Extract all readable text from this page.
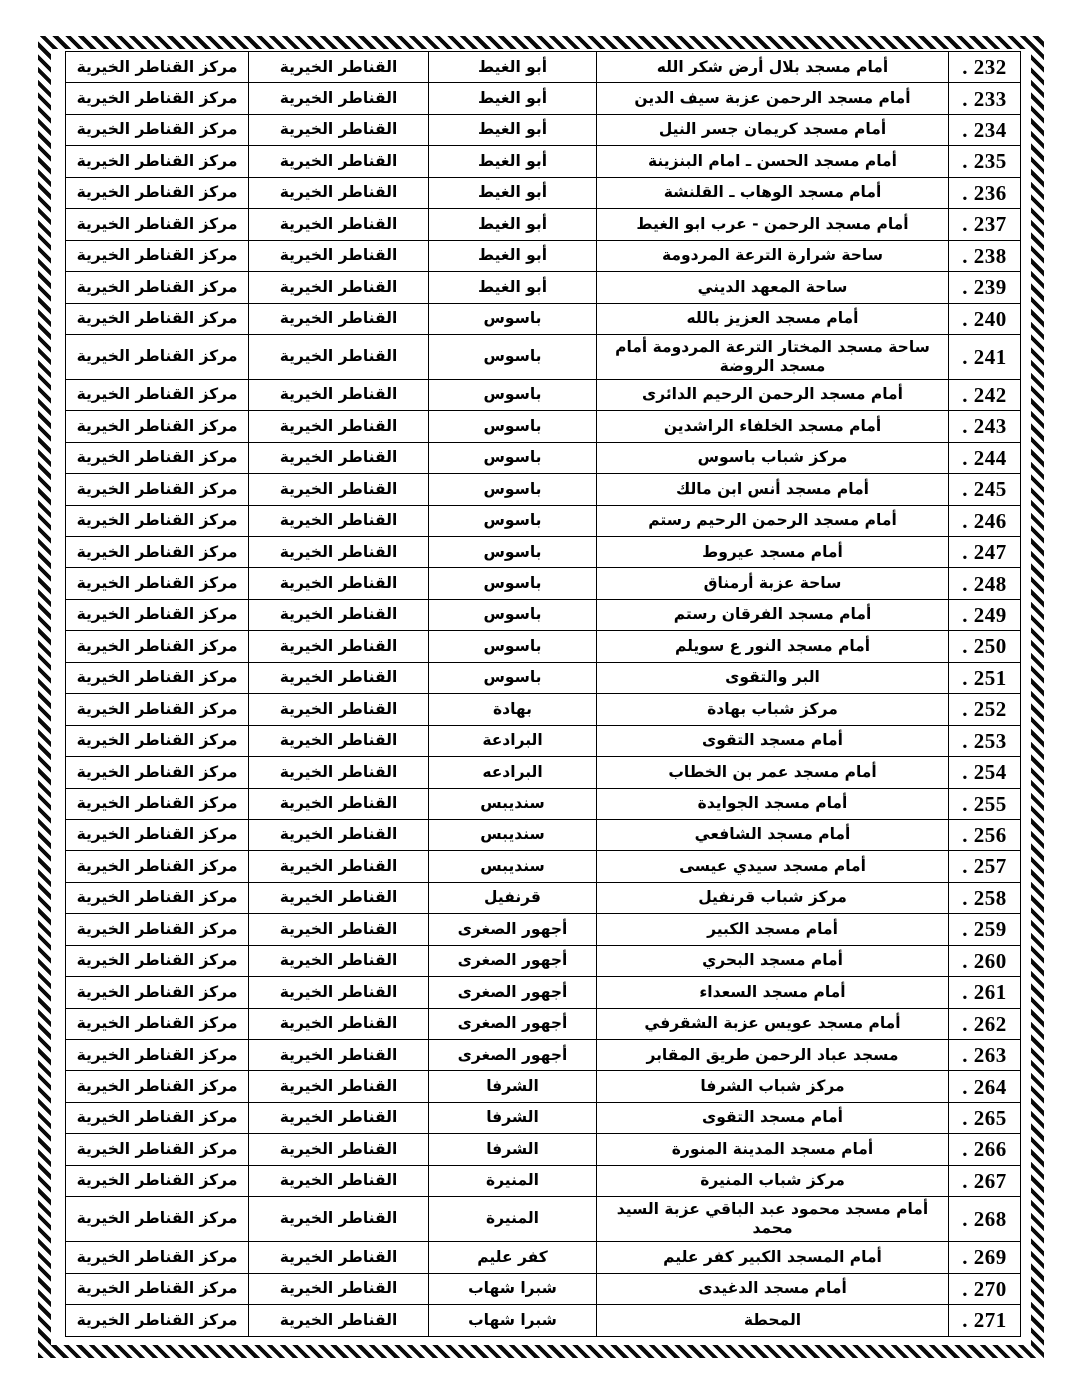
232 .	أمام مسجد بلال أرض شكر الله	أبو الغيط	القناطر الخيرية	مركز القناطر الخيرية
233 .	أمام مسجد الرحمن عزبة سيف الدين	أبو الغيط	القناطر الخيرية	مركز القناطر الخيرية
234 .	أمام مسجد كريمان جسر النيل	أبو الغيط	القناطر الخيرية	مركز القناطر الخيرية
235 .	أمام مسجد الحسن ـ امام البنزينة	أبو الغيط	القناطر الخيرية	مركز القناطر الخيرية
236 .	أمام مسجد الوهاب ـ القلنشة	أبو الغيط	القناطر الخيرية	مركز القناطر الخيرية
237 .	أمام مسجد الرحمن - عرب ابو الغيط	أبو الغيط	القناطر الخيرية	مركز القناطر الخيرية
238 .	ساحة شرارة الترعة المردومة	أبو الغيط	القناطر الخيرية	مركز القناطر الخيرية
239 .	ساحة المعهد الديني	أبو الغيط	القناطر الخيرية	مركز القناطر الخيرية
240 .	أمام مسجد العزيز بالله	باسوس	القناطر الخيرية	مركز القناطر الخيرية
241 .	ساحة مسجد المختار الترعة المردومة أمام مسجد الروضة	باسوس	القناطر الخيرية	مركز القناطر الخيرية
242 .	أمام مسجد الرحمن الرحيم الدائرى	باسوس	القناطر الخيرية	مركز القناطر الخيرية
243 .	أمام مسجد الخلفاء الراشدين	باسوس	القناطر الخيرية	مركز القناطر الخيرية
244 .	مركز شباب باسوس	باسوس	القناطر الخيرية	مركز القناطر الخيرية
245 .	أمام مسجد أنس ابن مالك	باسوس	القناطر الخيرية	مركز القناطر الخيرية
246 .	أمام مسجد الرحمن الرحيم رستم	باسوس	القناطر الخيرية	مركز القناطر الخيرية
247 .	أمام مسجد عيروط	باسوس	القناطر الخيرية	مركز القناطر الخيرية
248 .	ساحة عزبة أرمناق	باسوس	القناطر الخيرية	مركز القناطر الخيرية
249 .	أمام مسجد الفرقان رستم	باسوس	القناطر الخيرية	مركز القناطر الخيرية
250 .	أمام مسجد النور ع سويلم	باسوس	القناطر الخيرية	مركز القناطر الخيرية
251 .	البر والتقوى	باسوس	القناطر الخيرية	مركز القناطر الخيرية
252 .	مركز شباب بهادة	بهادة	القناطر الخيرية	مركز القناطر الخيرية
253 .	أمام مسجد التقوى	البرادعة	القناطر الخيرية	مركز القناطر الخيرية
254 .	أمام مسجد عمر بن الخطاب	البرادعه	القناطر الخيرية	مركز القناطر الخيرية
255 .	أمام مسجد الجوايدة	سنديبس	القناطر الخيرية	مركز القناطر الخيرية
256 .	أمام مسجد الشافعي	سنديبس	القناطر الخيرية	مركز القناطر الخيرية
257 .	أمام مسجد سيدي عيسى	سنديبس	القناطر الخيرية	مركز القناطر الخيرية
258 .	مركز شباب قرنفيل	قرنفيل	القناطر الخيرية	مركز القناطر الخيرية
259 .	أمام مسجد الكبير	أجهور الصغرى	القناطر الخيرية	مركز القناطر الخيرية
260 .	أمام مسجد البحري	أجهور الصغرى	القناطر الخيرية	مركز القناطر الخيرية
261 .	أمام مسجد السعداء	أجهور الصغرى	القناطر الخيرية	مركز القناطر الخيرية
262 .	أمام مسجد عويس عزبة الشقرفي	أجهور الصغرى	القناطر الخيرية	مركز القناطر الخيرية
263 .	مسجد عباد الرحمن طريق المقابر	أجهور الصغرى	القناطر الخيرية	مركز القناطر الخيرية
264 .	مركز شباب الشرفا	الشرفا	القناطر الخيرية	مركز القناطر الخيرية
265 .	أمام مسجد التقوى	الشرفا	القناطر الخيرية	مركز القناطر الخيرية
266 .	أمام مسجد المدينة المنورة	الشرفا	القناطر الخيرية	مركز القناطر الخيرية
267 .	مركز شباب المنيرة	المنيرة	القناطر الخيرية	مركز القناطر الخيرية
268 .	أمام مسجد محمود عبد الباقي عزبة السيد محمد	المنيرة	القناطر الخيرية	مركز القناطر الخيرية
269 .	أمام المسجد الكبير كفر عليم	كفر عليم	القناطر الخيرية	مركز القناطر الخيرية
270 .	أمام مسجد الدغيدى	شبرا شهاب	القناطر الخيرية	مركز القناطر الخيرية
271 .	المحطة	شبرا شهاب	القناطر الخيرية	مركز القناطر الخيرية
